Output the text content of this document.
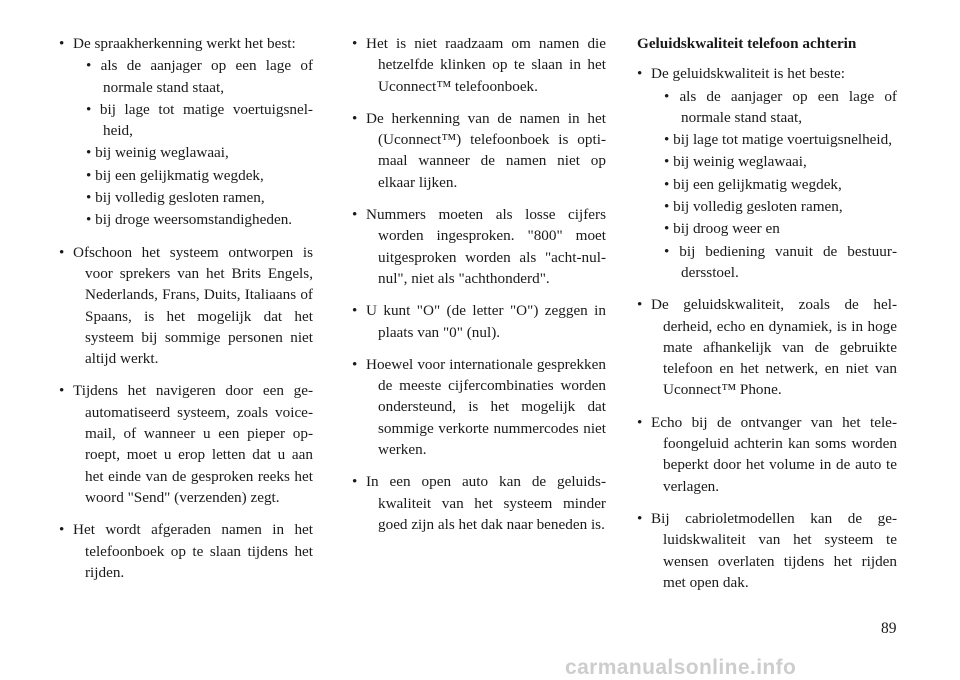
• De spraakherkenning werkt het best:
• als de aanjager op een lage of normale stand staat,
• bij lage tot matige voertuigsnelheid,
• bij weinig weglawaai,
• bij een gelijkmatig wegdek,
• bij volledig gesloten ramen,
• bij droge weersomstandigheden.
• Ofschoon het systeem ontworpen is voor sprekers van het Brits Engels, Nederlands, Frans, Duits, Italiaans of Spaans, is het mogelijk dat het systeem bij sommige personen niet altijd werkt.
• Tijdens het navigeren door een geautomatiseerd systeem, zoals voicemail, of wanneer u een pieper oproept, moet u erop letten dat u aan het einde van de gesproken reeks het woord "Send" (verzenden) zegt.
• Het wordt afgeraden namen in het telefoonboek op te slaan tijdens het rijden.
• Het is niet raadzaam om namen die hetzelfde klinken op te slaan in het Uconnect™ telefoonboek.
• De herkenning van de namen in het (Uconnect™) telefoonboek is optimaal wanneer de namen niet op elkaar lijken.
• Nummers moeten als losse cijfers worden ingesproken. "800" moet uitgesproken worden als "acht-nul-nul", niet als "achthonderd".
• U kunt "O" (de letter "O") zeggen in plaats van "0" (nul).
• Hoewel voor internationale gesprekken de meeste cijfercombinaties worden ondersteund, is het mogelijk dat sommige verkorte nummercodes niet werken.
• In een open auto kan de geluidskwaliteit van het systeem minder goed zijn als het dak naar beneden is.
Geluidskwaliteit telefoon achterin
• De geluidskwaliteit is het beste:
• als de aanjager op een lage of normale stand staat,
• bij lage tot matige voertuigsnelheid,
• bij weinig weglawaai,
• bij een gelijkmatig wegdek,
• bij volledig gesloten ramen,
• bij droog weer en
• bij bediening vanuit de bestuurdersstoel.
• De geluidskwaliteit, zoals de helderheid, echo en dynamiek, is in hoge mate afhankelijk van de gebruikte telefoon en het netwerk, en niet van Uconnect™ Phone.
• Echo bij de ontvanger van het telefoongeluid achterin kan soms worden beperkt door het volume in de auto te verlagen.
• Bij cabrioletmodellen kan de geluidskwaliteit van het systeem te wensen overlaten tijdens het rijden met open dak.
89
carmanualsonline.info
